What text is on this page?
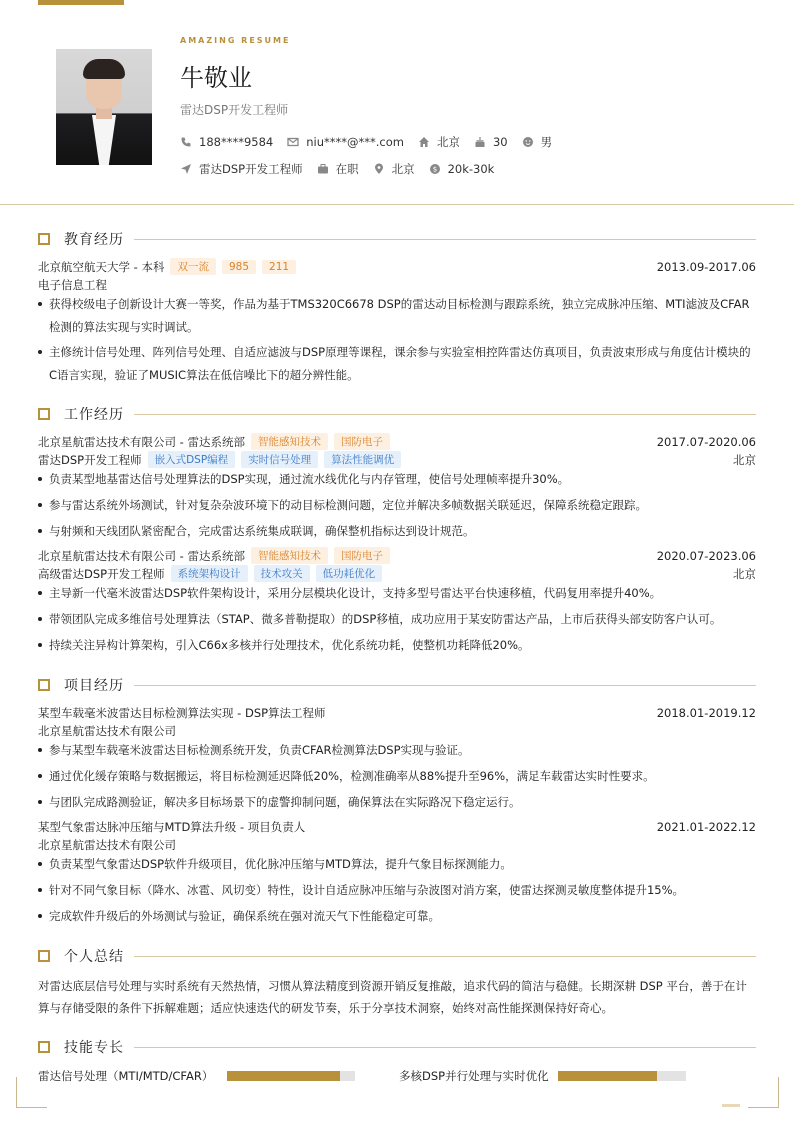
AMAZING RESUME
牛敬业
雷达DSP开发工程师
188****9584	niu****@***.com	北京	30	男
雷达DSP开发工程师	在职	北京	$ 20k-30k
教育经历
北京航空航天大学 - 本科	双一流	985	211	2013.09-2017.06
电子信息工程
获得校级电子创新设计大赛一等奖，作品为基于TMS320C6678 DSP的雷达动目标检测与跟踪系统，独立完成脉冲压缩、MTI滤波及CFAR检测的算法实现与实时调试。
主修统计信号处理、阵列信号处理、自适应滤波与DSP原理等课程，课余参与实验室相控阵雷达仿真项目，负责波束形成与角度估计模块的C语言实现，验证了MUSIC算法在低信噪比下的超分辨性能。
工作经历
北京星航雷达技术有限公司 - 雷达系统部	智能感知技术	国防电子	2017.07-2020.06
雷达DSP开发工程师	嵌入式DSP编程	实时信号处理	算法性能调优	北京
负责某型地基雷达信号处理算法的DSP实现，通过流水线优化与内存管理，使信号处理帧率提升30%。
参与雷达系统外场测试，针对复杂杂波环境下的动目标检测问题，定位并解决多帧数据关联延迟，保障系统稳定跟踪。
与射频和天线团队紧密配合，完成雷达系统集成联调，确保整机指标达到设计规范。
北京星航雷达技术有限公司 - 雷达系统部	智能感知技术	国防电子	2020.07-2023.06
高级雷达DSP开发工程师	系统架构设计	技术攻关	低功耗优化	北京
主导新一代毫米波雷达DSP软件架构设计，采用分层模块化设计，支持多型号雷达平台快速移植，代码复用率提升40%。
带领团队完成多维信号处理算法（STAP、微多普勒提取）的DSP移植，成功应用于某安防雷达产品，上市后获得头部安防客户认可。
持续关注异构计算架构，引入C66x多核并行处理技术，优化系统功耗，使整机功耗降低20%。
项目经历
某型车载毫米波雷达目标检测算法实现 - DSP算法工程师	2018.01-2019.12
北京星航雷达技术有限公司
参与某型车载毫米波雷达目标检测系统开发，负责CFAR检测算法DSP实现与验证。
通过优化缓存策略与数据搬运，将目标检测延迟降低20%，检测准确率从88%提升至96%，满足车载雷达实时性要求。
与团队完成路测验证，解决多目标场景下的虚警抑制问题，确保算法在实际路况下稳定运行。
某型气象雷达脉冲压缩与MTD算法升级 - 项目负责人	2021.01-2022.12
北京星航雷达技术有限公司
负责某型气象雷达DSP软件升级项目，优化脉冲压缩与MTD算法，提升气象目标探测能力。
针对不同气象目标（降水、冰雹、风切变）特性，设计自适应脉冲压缩与杂波图对消方案，使雷达探测灵敏度整体提升15%。
完成软件升级后的外场测试与验证，确保系统在强对流天气下性能稳定可靠。
个人总结
对雷达底层信号处理与实时系统有天然热情，习惯从算法精度到资源开销反复推敲，追求代码的简洁与稳健。长期深耕 DSP 平台，善于在计算与存储受限的条件下拆解难题；适应快速迭代的研发节奏，乐于分享技术洞察，始终对高性能探测保持好奇心。
技能专长
雷达信号处理（MTI/MTD/CFAR）	多核DSP并行处理与实时优化
